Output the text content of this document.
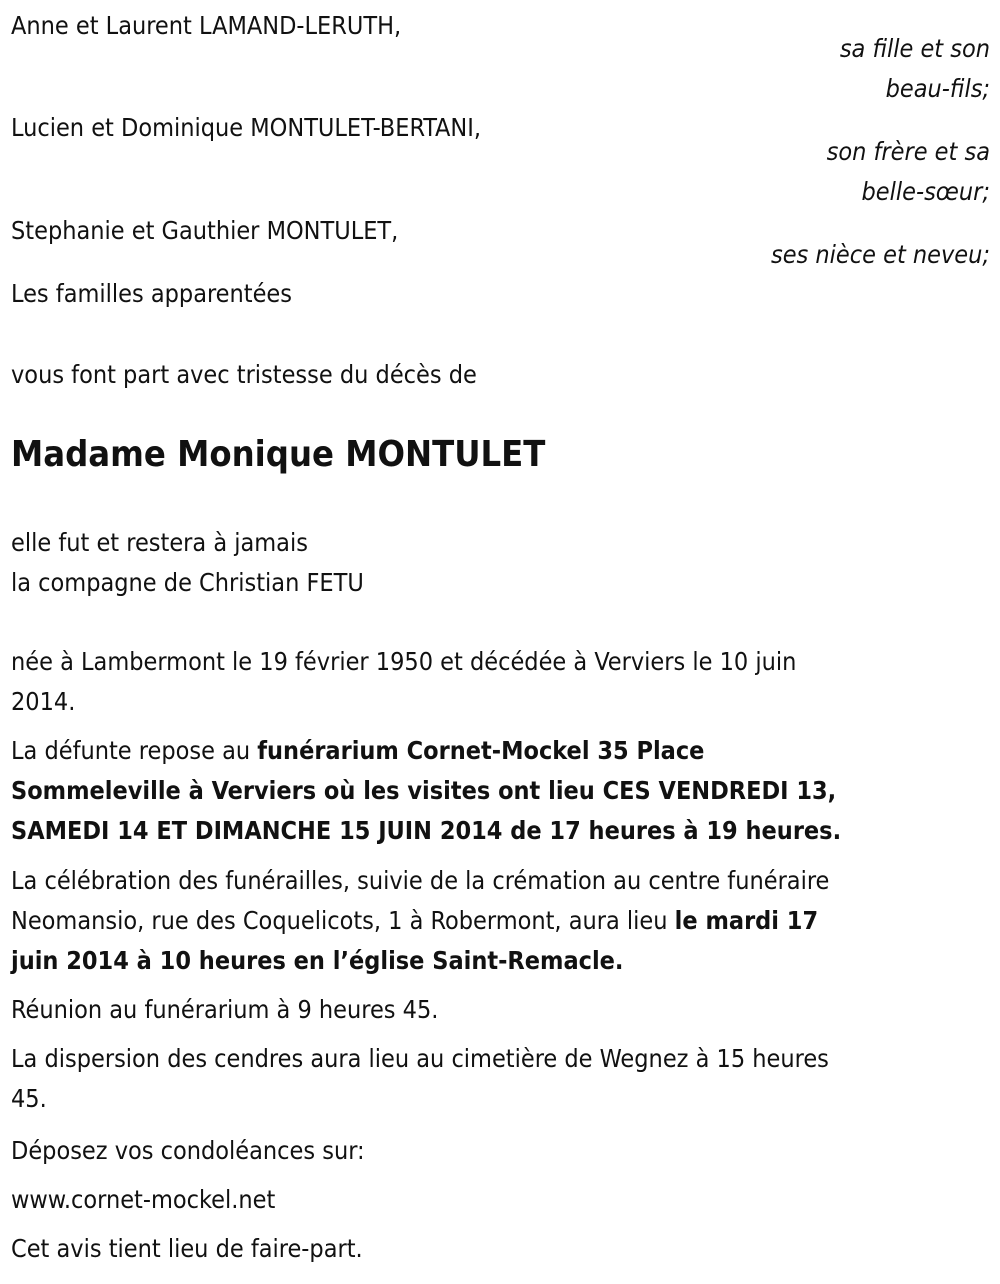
Anne et Laurent LAMAND-LERUTH,
sa fille et son
beau-fils;
Lucien et Dominique MONTULET-BERTANI,
son frère et sa
belle-sœur;
Stephanie et Gauthier MONTULET,
ses nièce et neveu;
Les familles apparentées
vous font part avec tristesse du décès de
Madame Monique MONTULET
elle fut et restera à jamais
la compagne de Christian FETU
née à Lambermont le 19 février 1950 et décédée à Verviers le 10 juin
2014.
La défunte repose au funérarium Cornet-Mockel 35 Place
Sommeleville à Verviers où les visites ont lieu CES VENDREDI 13,
SAMEDI 14 ET DIMANCHE 15 JUIN 2014 de 17 heures à 19 heures.
La célébration des funérailles, suivie de la crémation au centre funéraire
Neomansio, rue des Coquelicots, 1 à Robermont, aura lieu le mardi 17
juin 2014 à 10 heures en l’église Saint-Remacle.
Réunion au funérarium à 9 heures 45.
La dispersion des cendres aura lieu au cimetière de Wegnez à 15 heures
45.
Déposez vos condoléances sur:
www.cornet-mockel.net
Cet avis tient lieu de faire-part.
